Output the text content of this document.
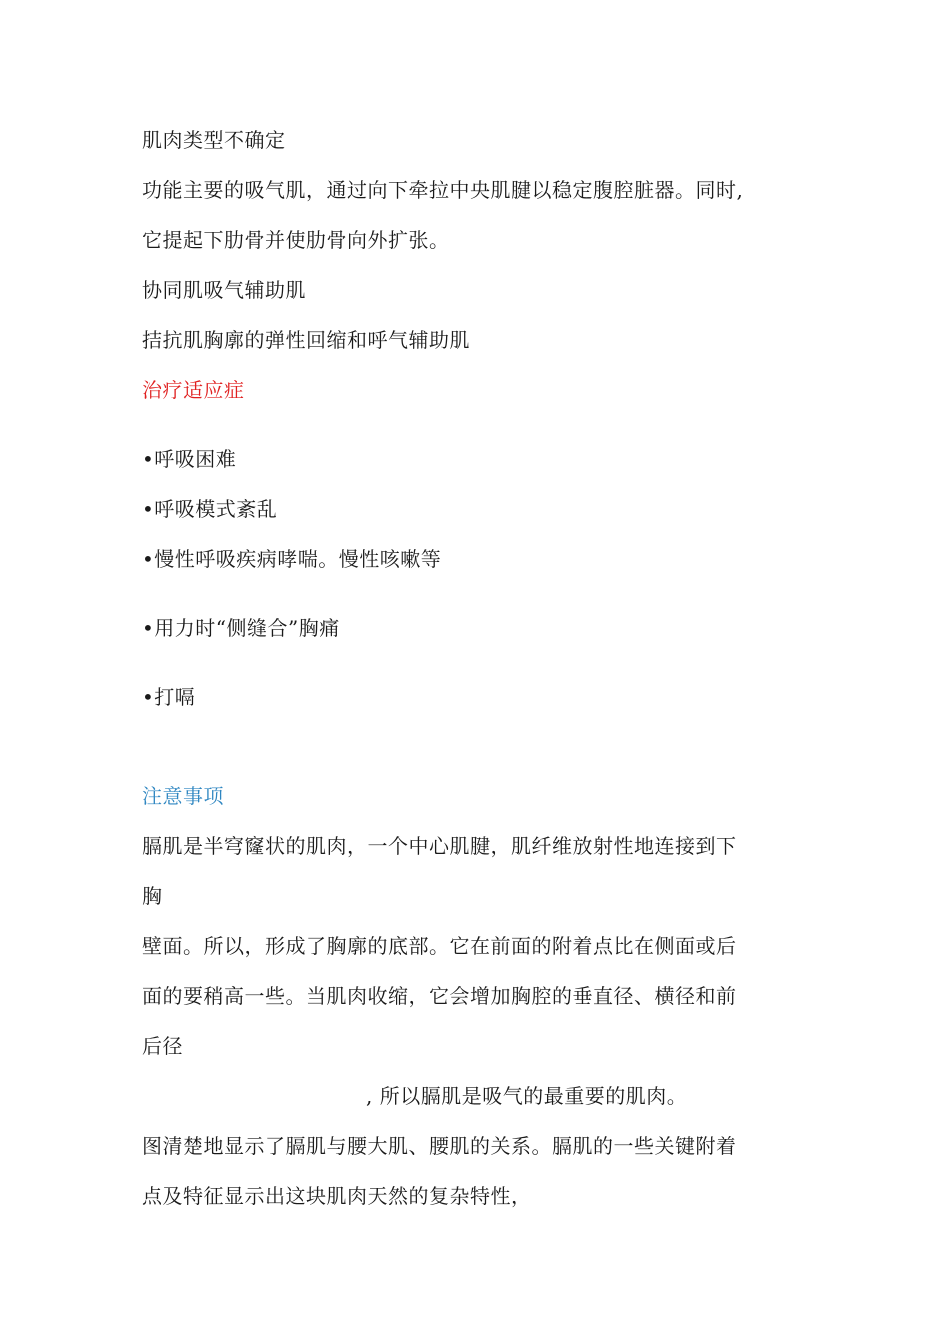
肌肉类型不确定
功能主要的吸气肌，通过向下牵拉中央肌腱以稳定腹腔脏器。同时,
它提起下肋骨并使肋骨向外扩张。
协同肌吸气辅助肌
拮抗肌胸廓的弹性回缩和呼气辅助肌
治疗适应症
•呼吸困难
•呼吸模式紊乱
•慢性呼吸疾病哮喘。慢性咳嗽等
•用力时“侧缝合”胸痛
•打嗝
注意事项
膈肌是半穹窿状的肌肉，一个中心肌腱，肌纤维放射性地连接到下
胸
壁面。所以，形成了胸廓的底部。它在前面的附着点比在侧面或后
面的要稍高一些。当肌肉收缩，它会增加胸腔的垂直径、横径和前
后径
, 所以膈肌是吸气的最重要的肌肉。
图清楚地显示了膈肌与腰大肌、腰肌的关系。膈肌的一些关键附着
点及特征显示出这块肌肉天然的复杂特性，
